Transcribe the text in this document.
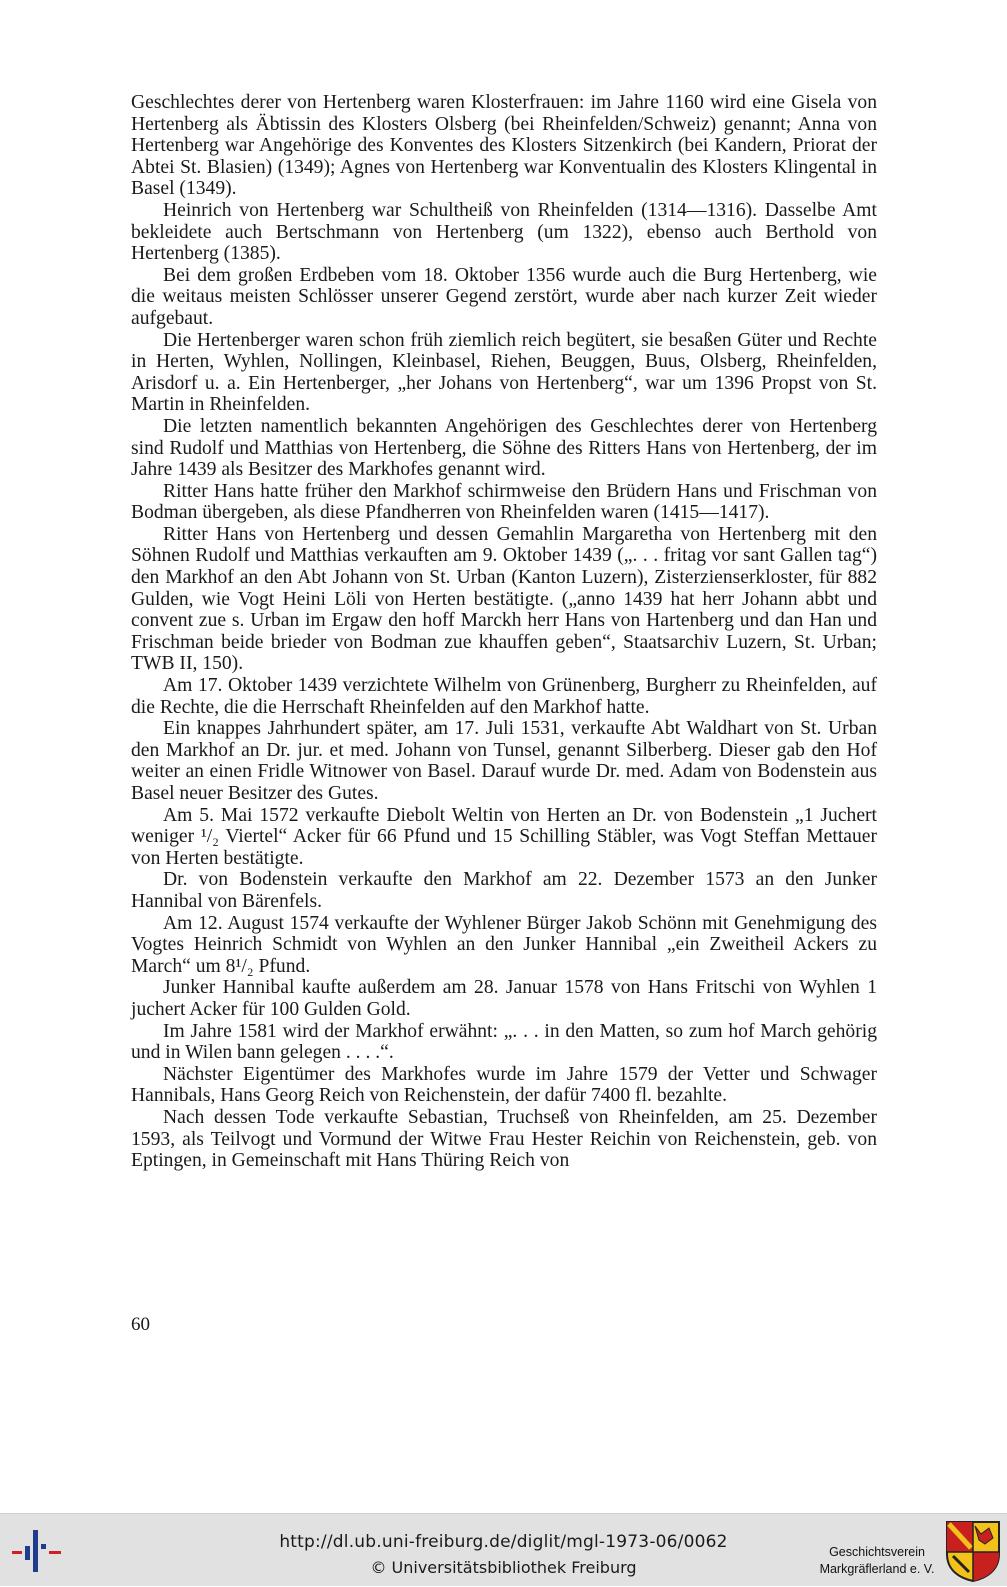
Geschlechtes derer von Hertenberg waren Klosterfrauen: im Jahre 1160 wird eine Gisela von Hertenberg als Äbtissin des Klosters Olsberg (bei Rheinfelden/Schweiz) genannt; Anna von Hertenberg war Angehörige des Konventes des Klosters Sitzenkirch (bei Kandern, Priorat der Abtei St. Blasien) (1349); Agnes von Hertenberg war Konventualin des Klosters Klingental in Basel (1349).

Heinrich von Hertenberg war Schultheiß von Rheinfelden (1314—1316). Dasselbe Amt bekleidete auch Bertschmann von Hertenberg (um 1322), ebenso auch Berthold von Hertenberg (1385).

Bei dem großen Erdbeben vom 18. Oktober 1356 wurde auch die Burg Hertenberg, wie die weitaus meisten Schlösser unserer Gegend zerstört, wurde aber nach kurzer Zeit wieder aufgebaut.

Die Hertenberger waren schon früh ziemlich reich begütert, sie besaßen Güter und Rechte in Herten, Wyhlen, Nollingen, Kleinbasel, Riehen, Beuggen, Buus, Olsberg, Rheinfelden, Arisdorf u. a. Ein Hertenberger, „her Johans von Hertenberg“, war um 1396 Propst von St. Martin in Rheinfelden.

Die letzten namentlich bekannten Angehörigen des Geschlechtes derer von Hertenberg sind Rudolf und Matthias von Hertenberg, die Söhne des Ritters Hans von Hertenberg, der im Jahre 1439 als Besitzer des Markhofes genannt wird.

Ritter Hans hatte früher den Markhof schirmweise den Brüdern Hans und Frischman von Bodman übergeben, als diese Pfandherren von Rheinfelden waren (1415—1417).

Ritter Hans von Hertenberg und dessen Gemahlin Margaretha von Hertenberg mit den Söhnen Rudolf und Matthias verkauften am 9. Oktober 1439 („. . . fritag vor sant Gallen tag“) den Markhof an den Abt Johann von St. Urban (Kanton Luzern), Zisterzienserkloster, für 882 Gulden, wie Vogt Heini Löli von Herten bestätigte. („anno 1439 hat herr Johann abbt und convent zue s. Urban im Ergaw den hoff Marckh herr Hans von Hartenberg und dan Han und Frischman beide brieder von Bodman zue khauffen geben“, Staatsarchiv Luzern, St. Urban; TWB II, 150).

Am 17. Oktober 1439 verzichtete Wilhelm von Grünenberg, Burgherr zu Rheinfelden, auf die Rechte, die die Herrschaft Rheinfelden auf den Markhof hatte.

Ein knappes Jahrhundert später, am 17. Juli 1531, verkaufte Abt Waldhart von St. Urban den Markhof an Dr. jur. et med. Johann von Tunsel, genannt Silberberg. Dieser gab den Hof weiter an einen Fridle Witnower von Basel. Darauf wurde Dr. med. Adam von Bodenstein aus Basel neuer Besitzer des Gutes.

Am 5. Mai 1572 verkaufte Diebolt Weltin von Herten an Dr. von Bodenstein „1 Juchert weniger ¹/₂ Viertel“ Acker für 66 Pfund und 15 Schilling Stäbler, was Vogt Steffan Mettauer von Herten bestätigte.

Dr. von Bodenstein verkaufte den Markhof am 22. Dezember 1573 an den Junker Hannibal von Bärenfels.

Am 12. August 1574 verkaufte der Wyhlener Bürger Jakob Schönn mit Genehmigung des Vogtes Heinrich Schmidt von Wyhlen an den Junker Hannibal „ein Zweitheil Ackers zu March“ um 8¹/₂ Pfund.

Junker Hannibal kaufte außerdem am 28. Januar 1578 von Hans Fritschi von Wyhlen 1 juchert Acker für 100 Gulden Gold.

Im Jahre 1581 wird der Markhof erwähnt: „. . . in den Matten, so zum hof March gehörig und in Wilen bann gelegen . . . .“.

Nächster Eigentümer des Markhofes wurde im Jahre 1579 der Vetter und Schwager Hannibals, Hans Georg Reich von Reichenstein, der dafür 7400 fl. bezahlte.

Nach dessen Tode verkaufte Sebastian, Truchseß von Rheinfelden, am 25. Dezember 1593, als Teilvogt und Vormund der Witwe Frau Hester Reichin von Reichenstein, geb. von Eptingen, in Gemeinschaft mit Hans Thüring Reich von

60
http://dl.ub.uni-freiburg.de/diglit/mgl-1973-06/0062
© Universitätsbibliothek Freiburg
Geschichtsverein
Markgräflerland e. V.
